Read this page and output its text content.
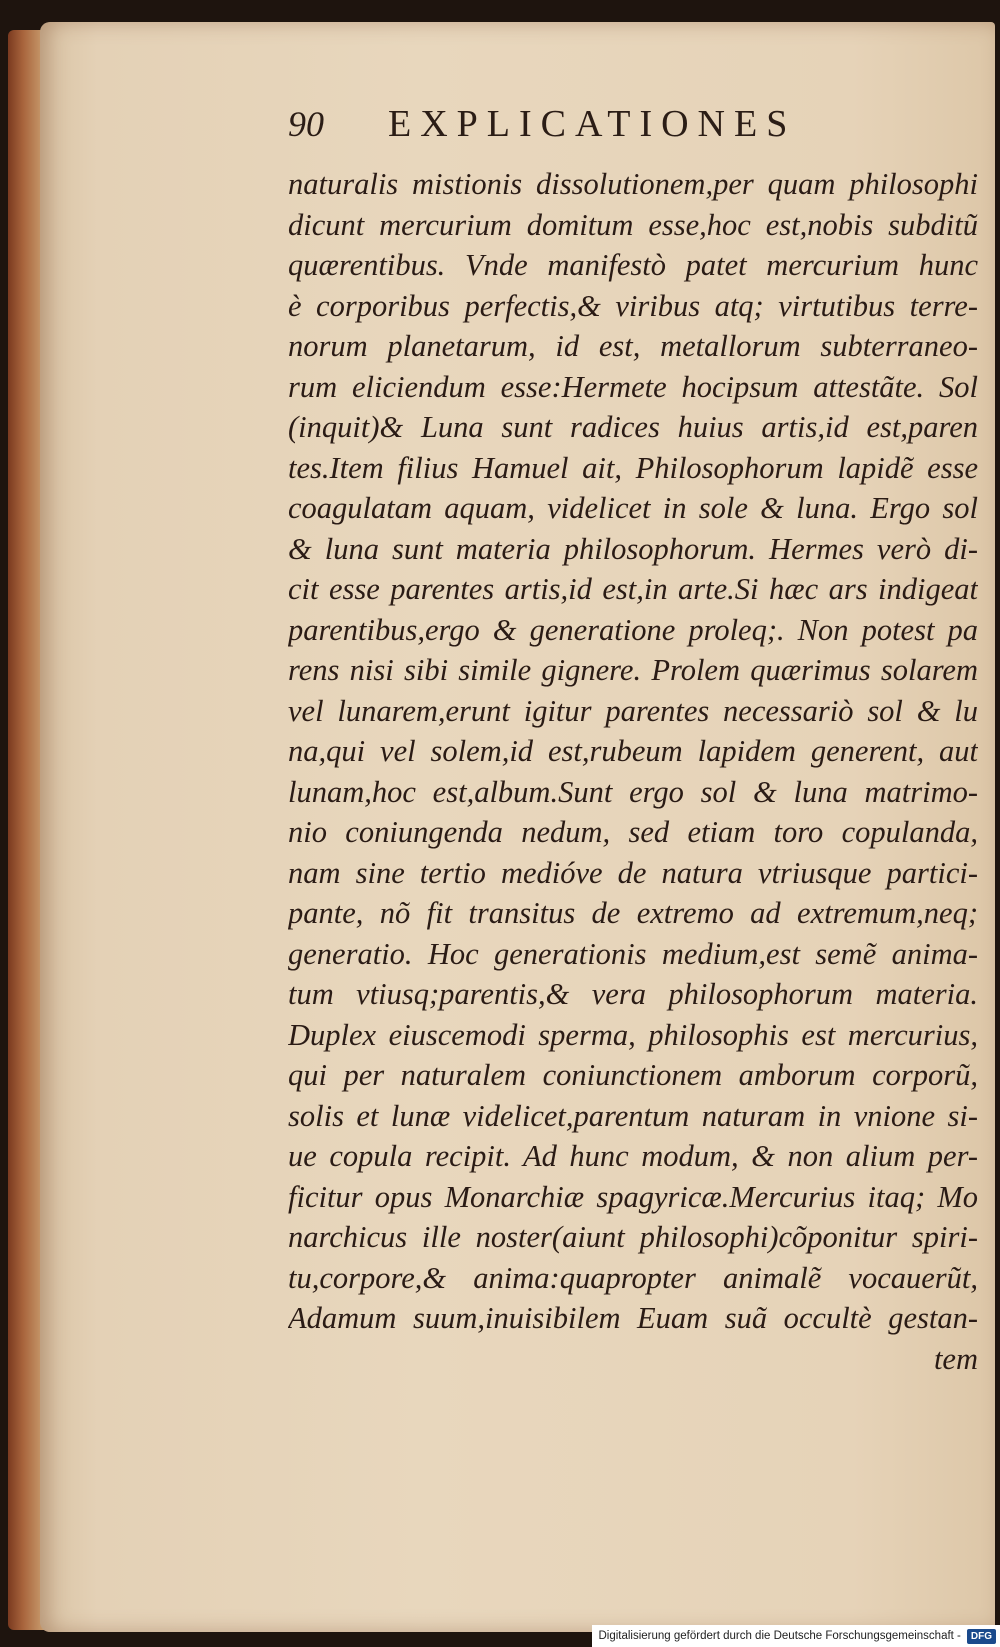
90	EXPLICATIONES
naturalis mistionis dissolutionem,per quam philosophi
dicunt mercurium domitum esse,hoc est,nobis subditũ
quærentibus. Vnde manifestò patet mercurium hunc
è corporibus perfectis,& viribus atq; virtutibus terre-
norum planetarum, id est, metallorum subterraneo-
rum eliciendum esse:Hermete hocipsum attestãte. Sol
(inquit)& Luna sunt radices huius artis,id est,paren
tes.Item filius Hamuel ait, Philosophorum lapidẽ esse
coagulatam aquam, videlicet in sole & luna. Ergo sol
& luna sunt materia philosophorum. Hermes verò di-
cit esse parentes artis,id est,in arte.Si hæc ars indigeat
parentibus,ergo & generatione proleq;. Non potest pa
rens nisi sibi simile gignere. Prolem quærimus solarem
vel lunarem,erunt igitur parentes necessariò sol & lu
na,qui vel solem,id est,rubeum lapidem generent, aut
lunam,hoc est,album.Sunt ergo sol & luna matrimo-
nio coniungenda nedum, sed etiam toro copulanda,
nam sine tertio medióve de natura vtriusque partici-
pante, nõ fit transitus de extremo ad extremum,neq;
generatio. Hoc generationis medium,est semẽ anima-
tum vtiusq;parentis,& vera philosophorum materia.
Duplex eiuscemodi sperma, philosophis est mercurius,
qui per naturalem coniunctionem amborum corporũ,
solis et lunæ videlicet,parentum naturam in vnione si-
ue copula recipit. Ad hunc modum, & non alium per-
ficitur opus Monarchiæ spagyricæ.Mercurius itaq; Mo
narchicus ille noster(aiunt philosophi)cõponitur spiri-
tu,corpore,& anima:quapropter animalẽ vocauerũt,
Adamum suum,inuisibilem Euam suã occultè gestan-
tem
Digitalisierung gefördert durch die Deutsche Forschungsgemeinschaft -	DFG
